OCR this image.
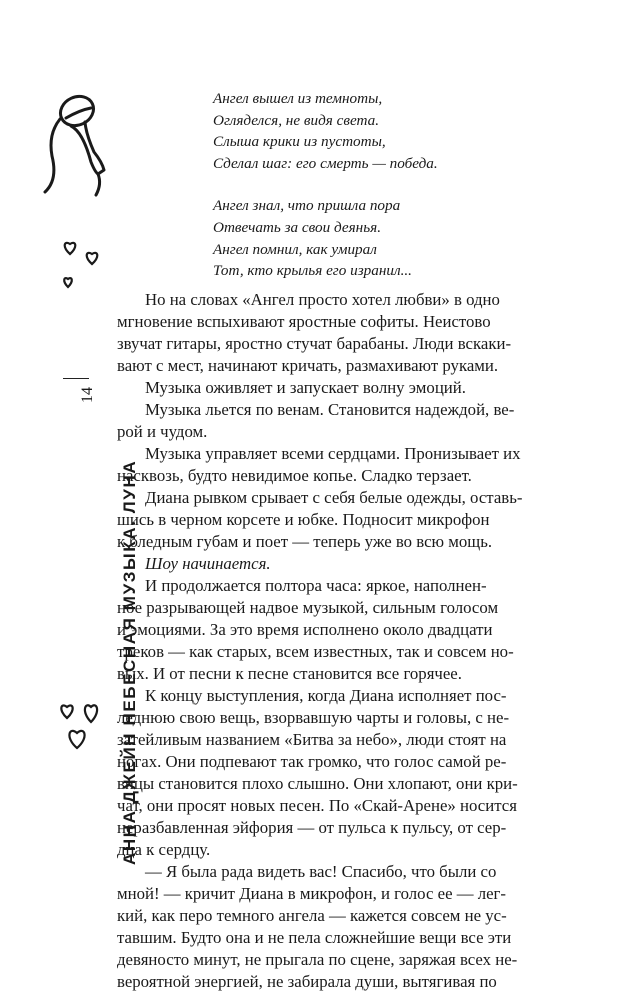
14
АННА ДЖЕЙН НЕБЕСНАЯ МУЗЫКА. ЛУНА
Ангел вышел из темноты,
Огляделся, не видя света.
Слыша крики из пустоты,
Сделал шаг: его смерть — победа.
Ангел знал, что пришла пора
Отвечать за свои деянья.
Ангел помнил, как умирал
Тот, кто крылья его изранил...

Но на словах «Ангел просто хотел любви» в одно
мгновение вспыхивают яростные софиты. Неистово
звучат гитары, яростно стучат барабаны. Люди вскаки-
вают с мест, начинают кричать, размахивают руками.

Музыка оживляет и запускает волну эмоций.

Музыка льется по венам. Становится надеждой, ве-
рой и чудом.

Музыка управляет всеми сердцами. Пронизывает их
насквозь, будто невидимое копье. Сладко терзает.

Диана рывком срывает с себя белые одежды, оставь-
шись в черном корсете и юбке. Подносит микрофон
к бледным губам и поет — теперь уже во всю мощь.

Шоу начинается.

И продолжается полтора часа: яркое, наполнен-
ное разрывающей надвое музыкой, сильным голосом
и эмоциями. За это время исполнено около двадцати
треков — как старых, всем известных, так и совсем но-
вых. И от песни к песне становится все горячее.

К концу выступления, когда Диана исполняет пос-
леднюю свою вещь, взорвавшую чарты и головы, с не-
затейливым названием «Битва за небо», люди стоят на
ногах. Они подпевают так громко, что голос самой ре-
вицы становится плохо слышно. Они хлопают, они кри-
чат, они просят новых песен. По «Скай-Арене» носится
неразбавленная эйфория — от пульса к пульсу, от сер-
дца к сердцу.

— Я была рада видеть вас! Спасибо, что были со
мной! — кричит Диана в микрофон, и голос ее — лег-
кий, как перо темного ангела — кажется совсем не ус-
тавшим. Будто она и не пела сложнейшие вещи все эти
девяносто минут, не прыгала по сцене, заряжая всех не-
вероятной энергией, не забирала души, вытягивая по
